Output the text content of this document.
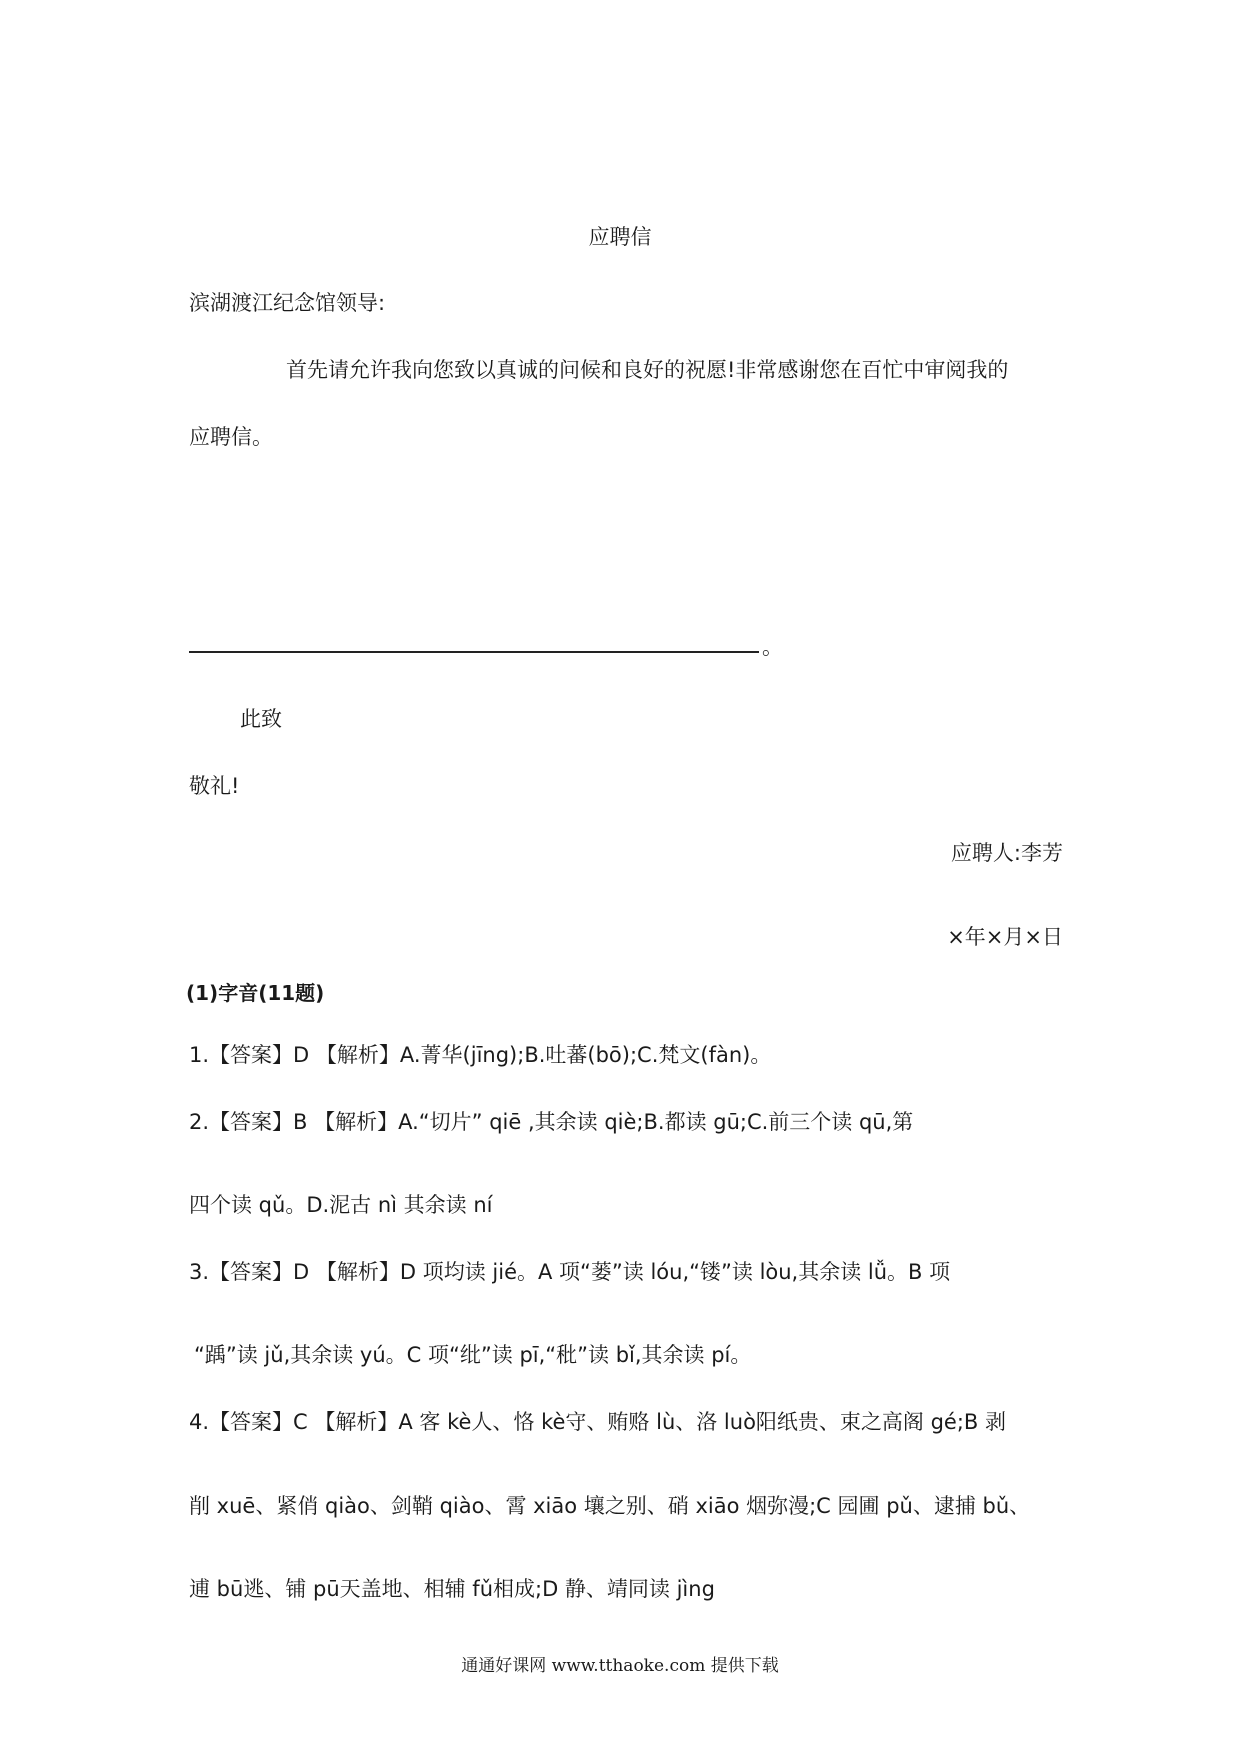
应聘信
滨湖渡江纪念馆领导:
首先请允许我向您致以真诚的问候和良好的祝愿!非常感谢您在百忙中审阅我的
应聘信。
。
此致
敬礼!
应聘人:李芳
×年×月×日
(1)字音(11题)
1.【答案】D 【解析】A.菁华(jīng);B.吐蕃(bō);C.梵文(fàn)。
2.【答案】B 【解析】A.“切片” qiē ,其余读 qiè;B.都读 gū;C.前三个读 qū,第
四个读 qǔ。D.泥古 nì 其余读 ní
3.【答案】D 【解析】D 项均读 jié。A 项“蒌”读 lóu,“镂”读 lòu,其余读 lǚ。B 项
“踽”读 jǔ,其余读 yú。C 项“纰”读 pī,“秕”读 bǐ,其余读 pí。
4.【答案】C 【解析】A 客 kè人、恪 kè守、贿赂 lù、洛 luò阳纸贵、束之高阁 gé;B 剥
削 xuē、紧俏 qiào、剑鞘 qiào、霄 xiāo 壤之别、硝 xiāo 烟弥漫;C 园圃 pǔ、逮捕 bǔ、
逋 bū逃、铺 pū天盖地、相辅 fǔ相成;D 静、靖同读 jìng
通通好课网 www.tthaoke.com 提供下载
